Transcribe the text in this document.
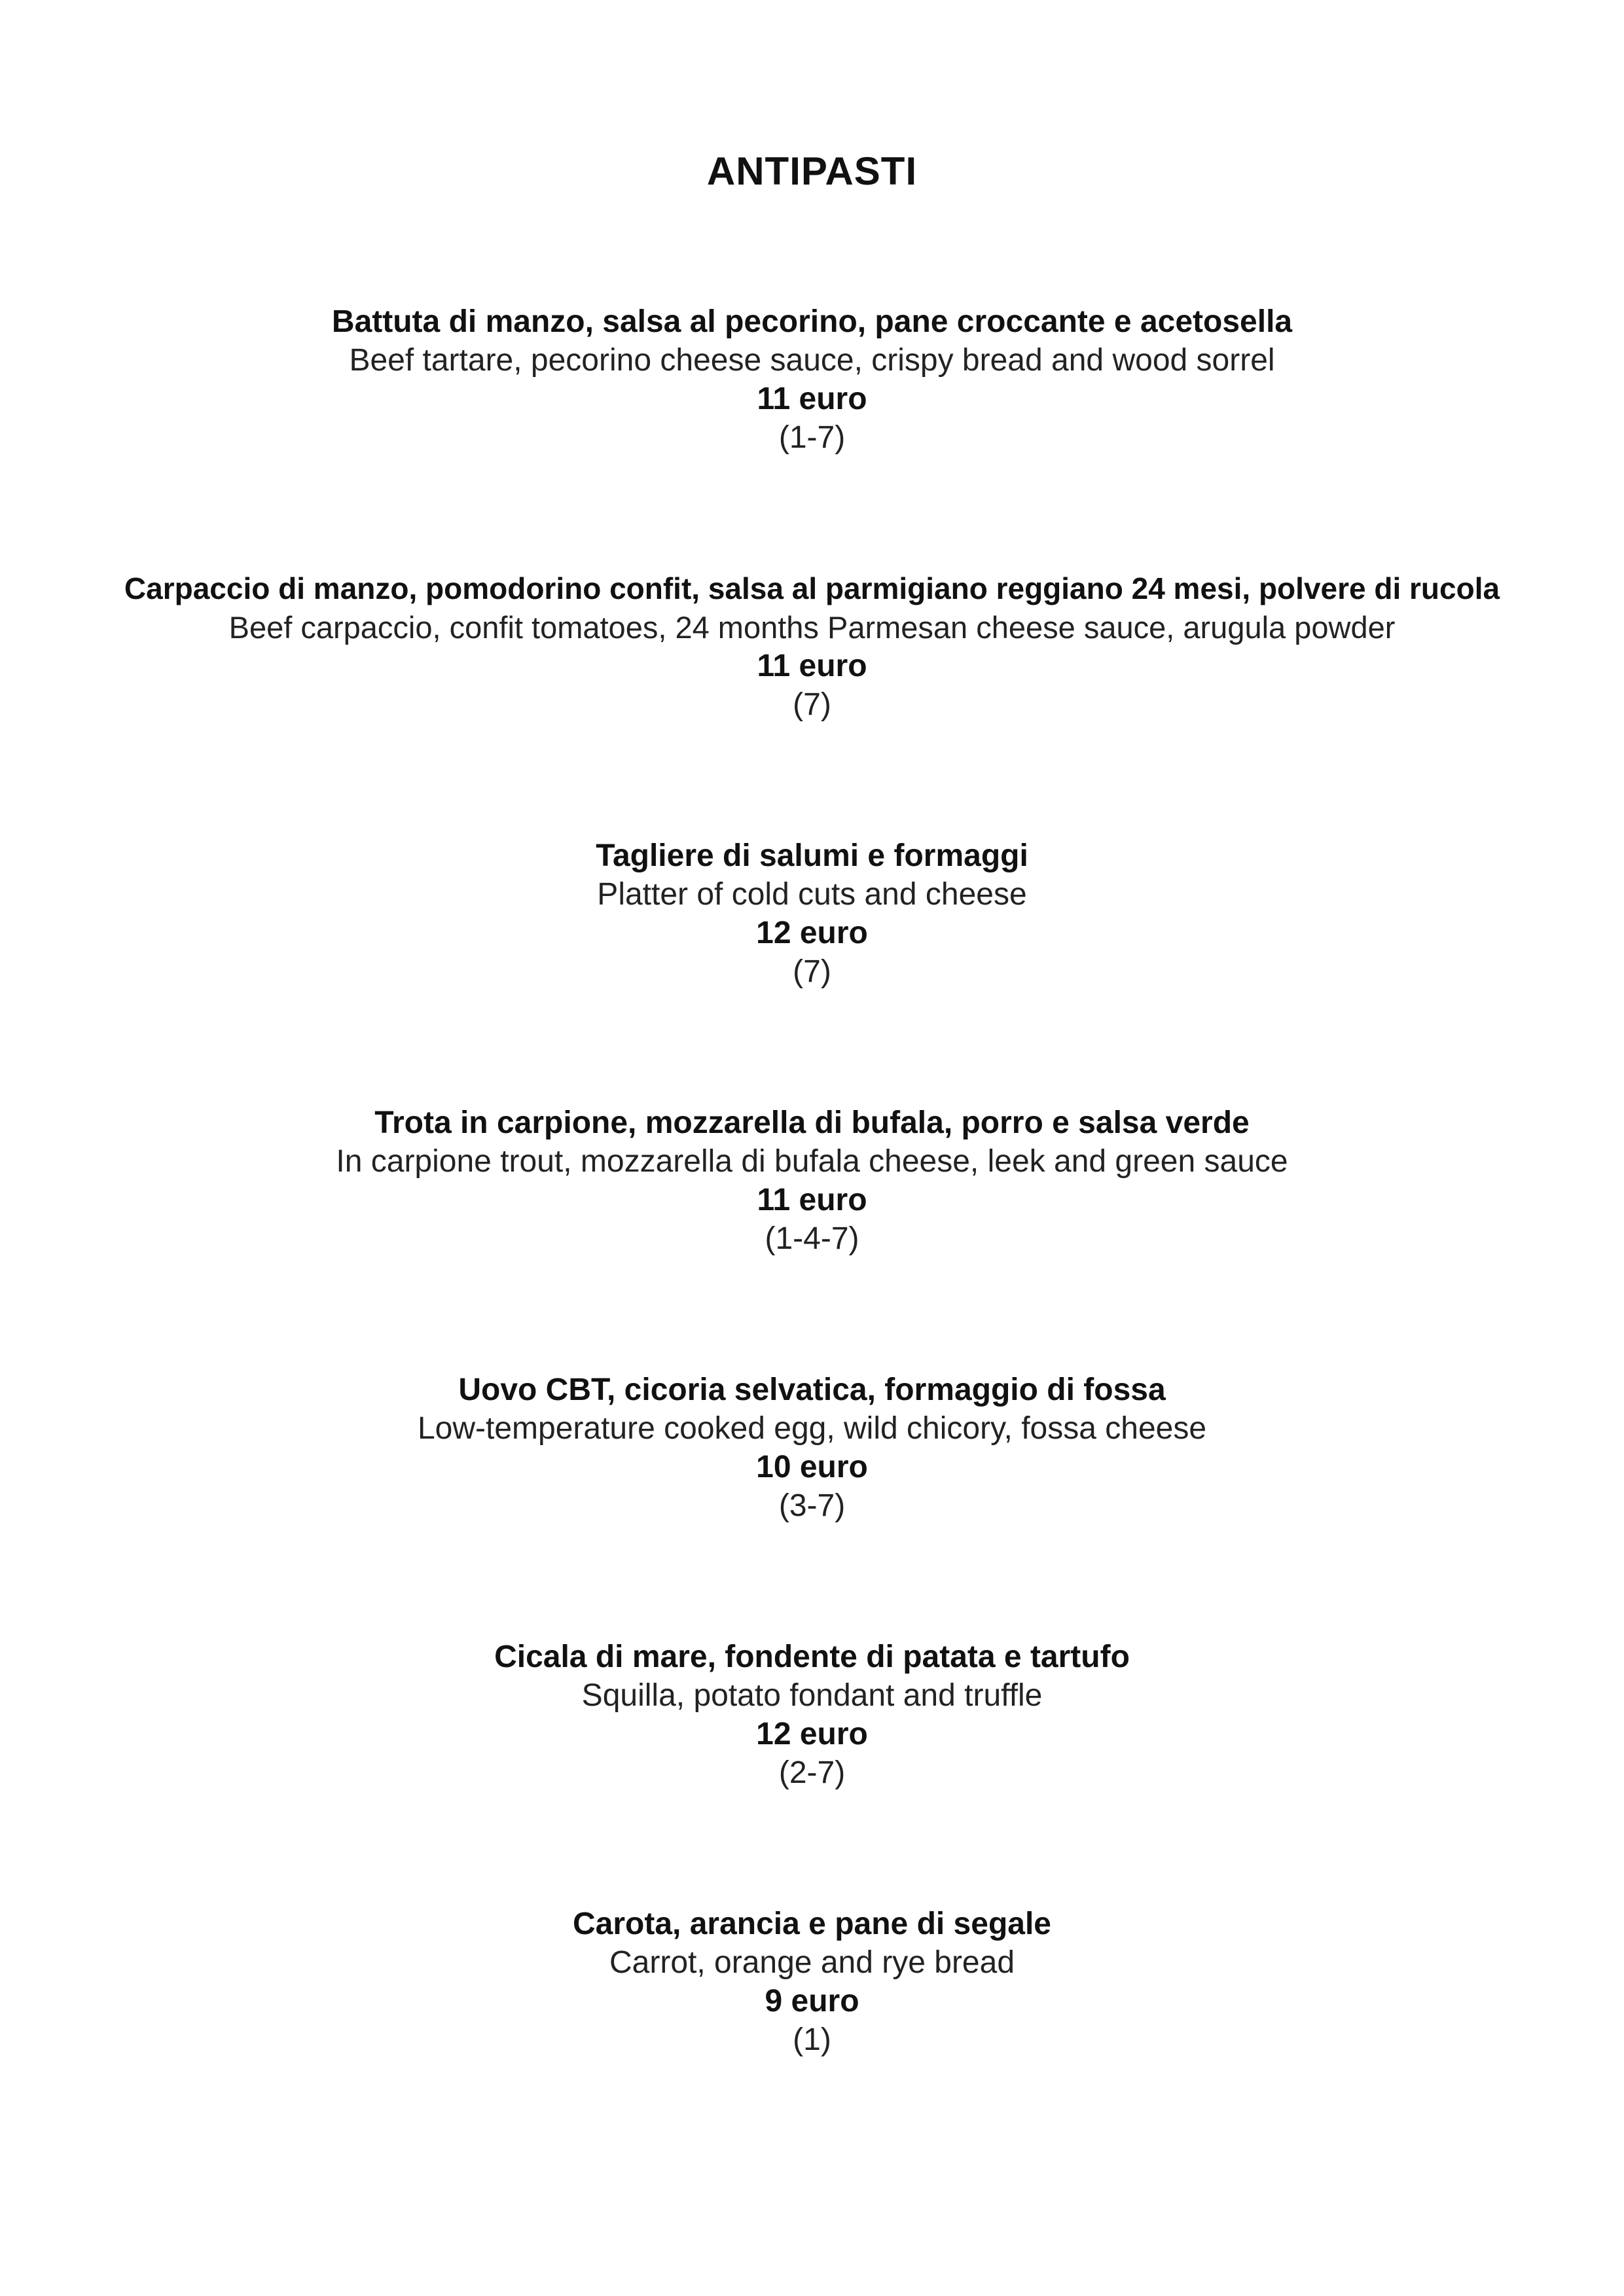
ANTIPASTI
Battuta di manzo, salsa al pecorino, pane croccante e acetosella
Beef tartare, pecorino cheese sauce, crispy bread and wood sorrel
11 euro
(1-7)
Carpaccio di manzo, pomodorino confit, salsa al parmigiano reggiano 24 mesi, polvere di rucola
Beef carpaccio, confit tomatoes, 24 months Parmesan cheese sauce, arugula powder
11 euro
(7)
Tagliere di salumi e formaggi
Platter of cold cuts and cheese
12 euro
(7)
Trota in carpione, mozzarella di bufala, porro e salsa verde
In carpione trout, mozzarella di bufala cheese, leek and green sauce
11 euro
(1-4-7)
Uovo CBT, cicoria selvatica, formaggio di fossa
Low-temperature cooked egg, wild chicory, fossa cheese
10 euro
(3-7)
Cicala di mare, fondente di patata e tartufo
Squilla, potato fondant and truffle
12 euro
(2-7)
Carota, arancia e pane di segale
Carrot, orange and rye bread
9 euro
(1)
